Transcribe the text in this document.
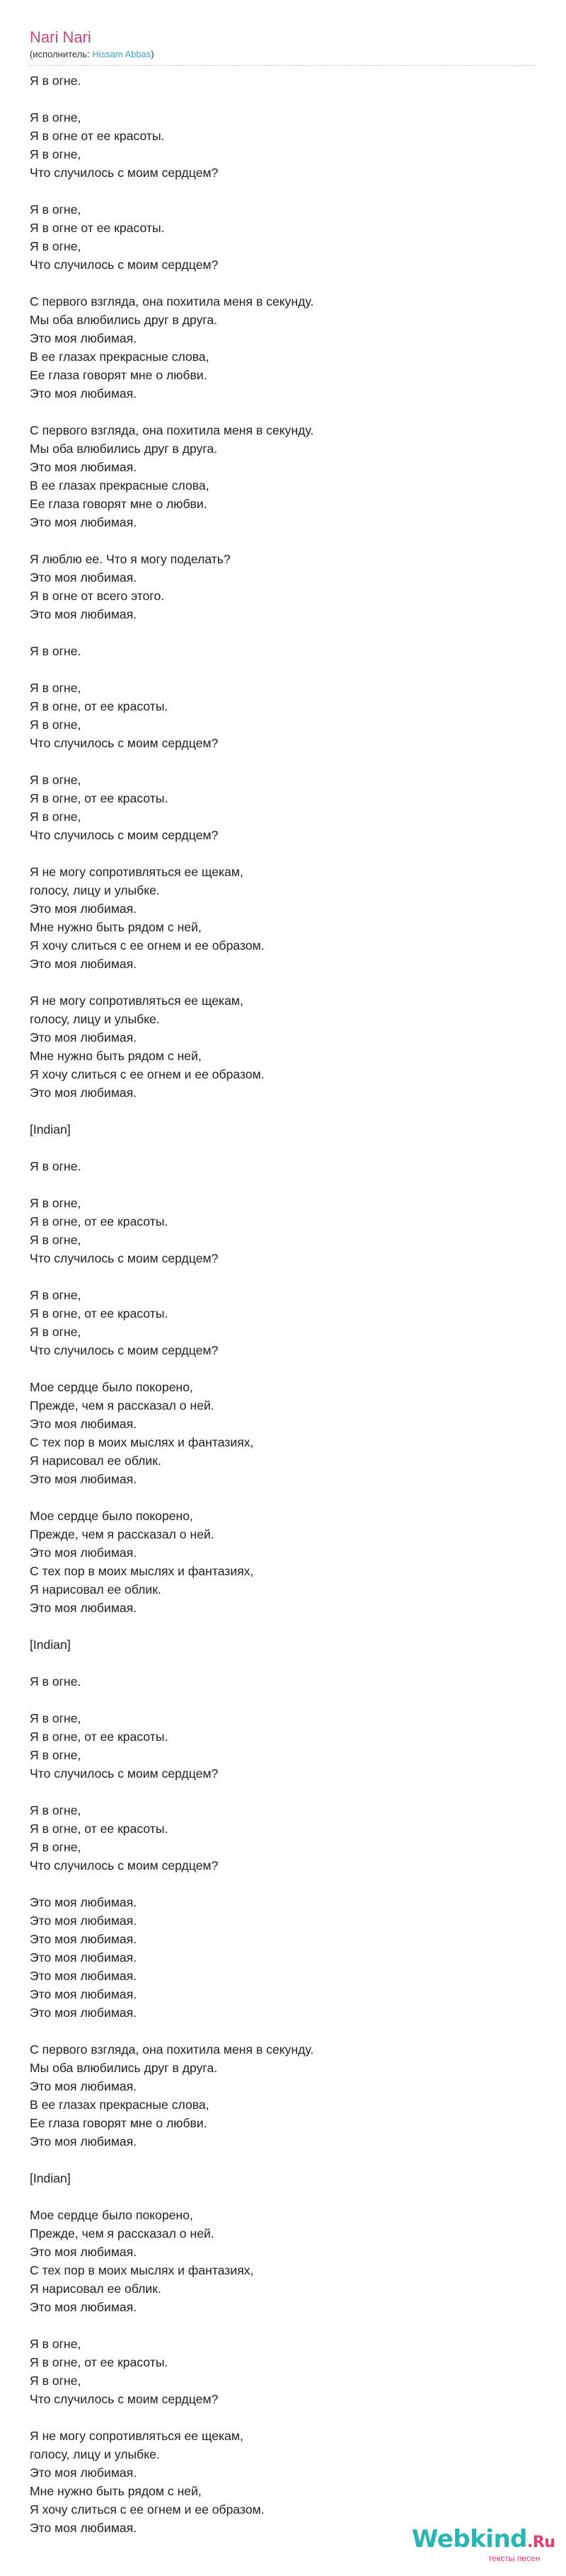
Nari Nari
(исполнитель: Hissam Abbas)
Я в огне.
Я в огне,
Я в огне от ее красоты.
Я в огне,
Что случилось с моим сердцем?
Я в огне,
Я в огне от ее красоты.
Я в огне,
Что случилось с моим сердцем?
С первого взгляда, она похитила меня в секунду.
Мы оба влюбились друг в друга.
Это моя любимая.
В ее глазах прекрасные слова,
Ее глаза говорят мне о любви.
Это моя любимая.
С первого взгляда, она похитила меня в секунду.
Мы оба влюбились друг в друга.
Это моя любимая.
В ее глазах прекрасные слова,
Ее глаза говорят мне о любви.
Это моя любимая.
Я люблю ее. Что я могу поделать?
Это моя любимая.
Я в огне от всего этого.
Это моя любимая.
Я в огне.
Я в огне,
Я в огне, от ее красоты.
Я в огне,
Что случилось с моим сердцем?
Я в огне,
Я в огне, от ее красоты.
Я в огне,
Что случилось с моим сердцем?
Я не могу сопротивляться ее щекам,
голосу, лицу и улыбке.
Это моя любимая.
Мне нужно быть рядом с ней,
Я хочу слиться с ее огнем и ее образом.
Это моя любимая.
Я не могу сопротивляться ее щекам,
голосу, лицу и улыбке.
Это моя любимая.
Мне нужно быть рядом с ней,
Я хочу слиться с ее огнем и ее образом.
Это моя любимая.
[Indian]
Я в огне.
Я в огне,
Я в огне, от ее красоты.
Я в огне,
Что случилось с моим сердцем?
Я в огне,
Я в огне, от ее красоты.
Я в огне,
Что случилось с моим сердцем?
Мое сердце было покорено,
Прежде, чем я рассказал о ней.
Это моя любимая.
С тех пор в моих мыслях и фантазиях,
Я нарисовал ее облик.
Это моя любимая.
Мое сердце было покорено,
Прежде, чем я рассказал о ней.
Это моя любимая.
С тех пор в моих мыслях и фантазиях,
Я нарисовал ее облик.
Это моя любимая.
[Indian]
Я в огне.
Я в огне,
Я в огне, от ее красоты.
Я в огне,
Что случилось с моим сердцем?
Я в огне,
Я в огне, от ее красоты.
Я в огне,
Что случилось с моим сердцем?
Это моя любимая.
Это моя любимая.
Это моя любимая.
Это моя любимая.
Это моя любимая.
Это моя любимая.
Это моя любимая.
С первого взгляда, она похитила меня в секунду.
Мы оба влюбились друг в друга.
Это моя любимая.
В ее глазах прекрасные слова,
Ее глаза говорят мне о любви.
Это моя любимая.
[Indian]
Мое сердце было покорено,
Прежде, чем я рассказал о ней.
Это моя любимая.
С тех пор в моих мыслях и фантазиях,
Я нарисовал ее облик.
Это моя любимая.
Я в огне,
Я в огне, от ее красоты.
Я в огне,
Что случилось с моим сердцем?
Я не могу сопротивляться ее щекам,
голосу, лицу и улыбке.
Это моя любимая.
Мне нужно быть рядом с ней,
Я хочу слиться с ее огнем и ее образом.
Это моя любимая.	Webkind.Ru
тексты песен
